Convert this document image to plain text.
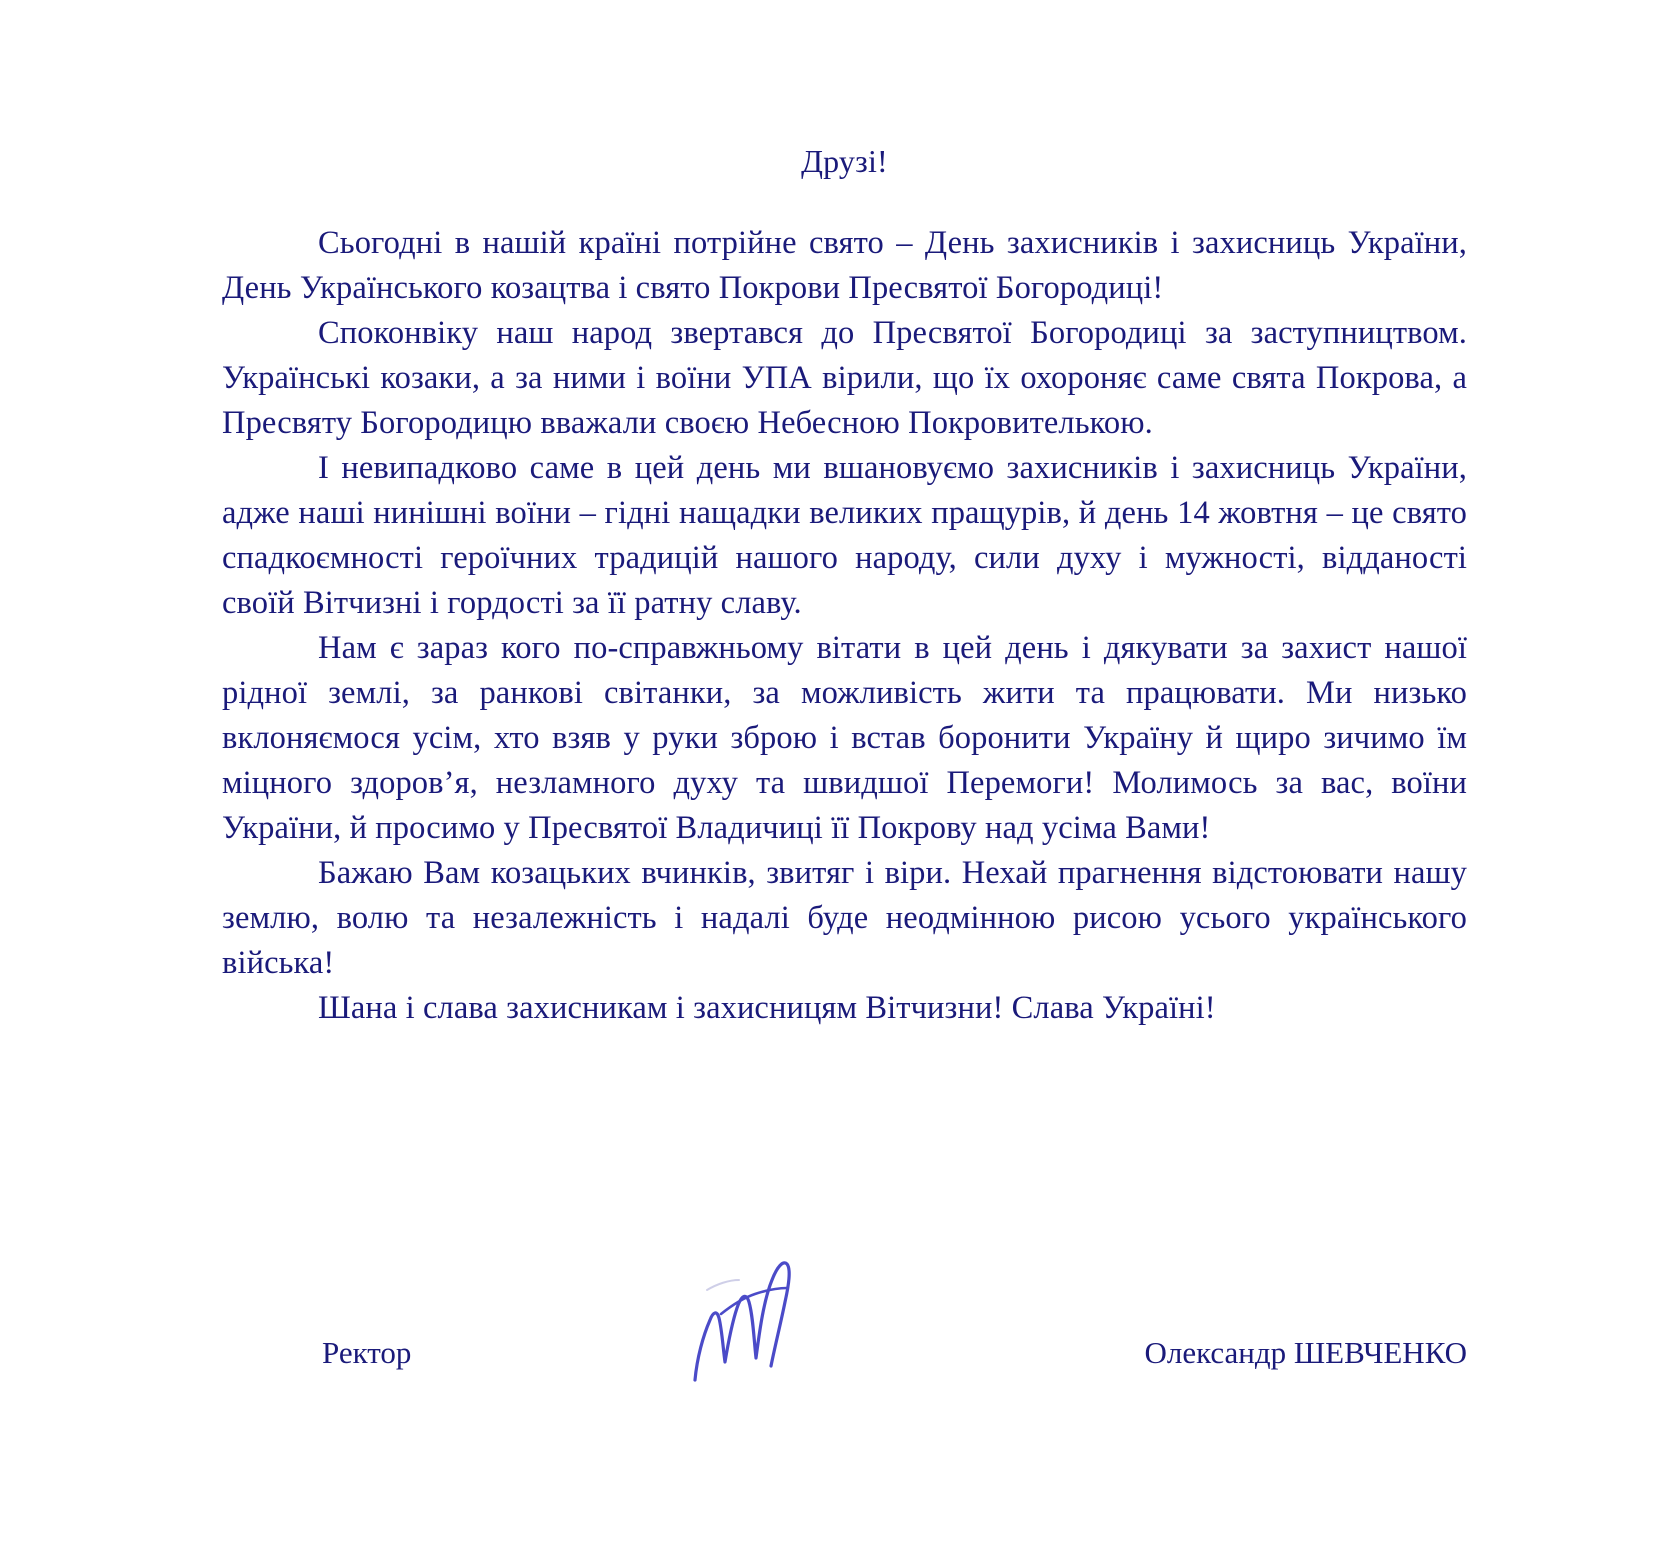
Друзі!

Сьогодні в нашій країні потрійне свято – День захисників і захисниць України, День Українського козацтва і свято Покрови Пресвятої Богородиці!

Споконвіку наш народ звертався до Пресвятої Богородиці за заступництвом. Українські козаки, а за ними і воїни УПА вірили, що їх охороняє саме свята Покрова, а Пресвяту Богородицю вважали своєю Небесною Покровителькою.

І невипадково саме в цей день ми вшановуємо захисників і захисниць України, адже наші нинішні воїни – гідні нащадки великих пращурів, й день 14 жовтня – це свято спадкоємності героїчних традицій нашого народу, сили духу і мужності, відданості своїй Вітчизні і гордості за її ратну славу.

Нам є зараз кого по-справжньому вітати в цей день і дякувати за захист нашої рідної землі, за ранкові світанки, за можливість жити та працювати. Ми низько вклоняємося усім, хто взяв у руки зброю і встав боронити Україну й щиро зичимо їм міцного здоров’я, незламного духу та швидшої Перемоги! Молимось за вас, воїни України, й просимо у Пресвятої Владичиці її Покрову над усіма Вами!

Бажаю Вам козацьких вчинків, звитяг і віри. Нехай прагнення відстоювати нашу землю, волю та незалежність і надалі буде неодмінною рисою усього українського війська!

Шана і слава захисникам і захисницям Вітчизни! Слава Україні!

Ректор	Олександр ШЕВЧЕНКО
